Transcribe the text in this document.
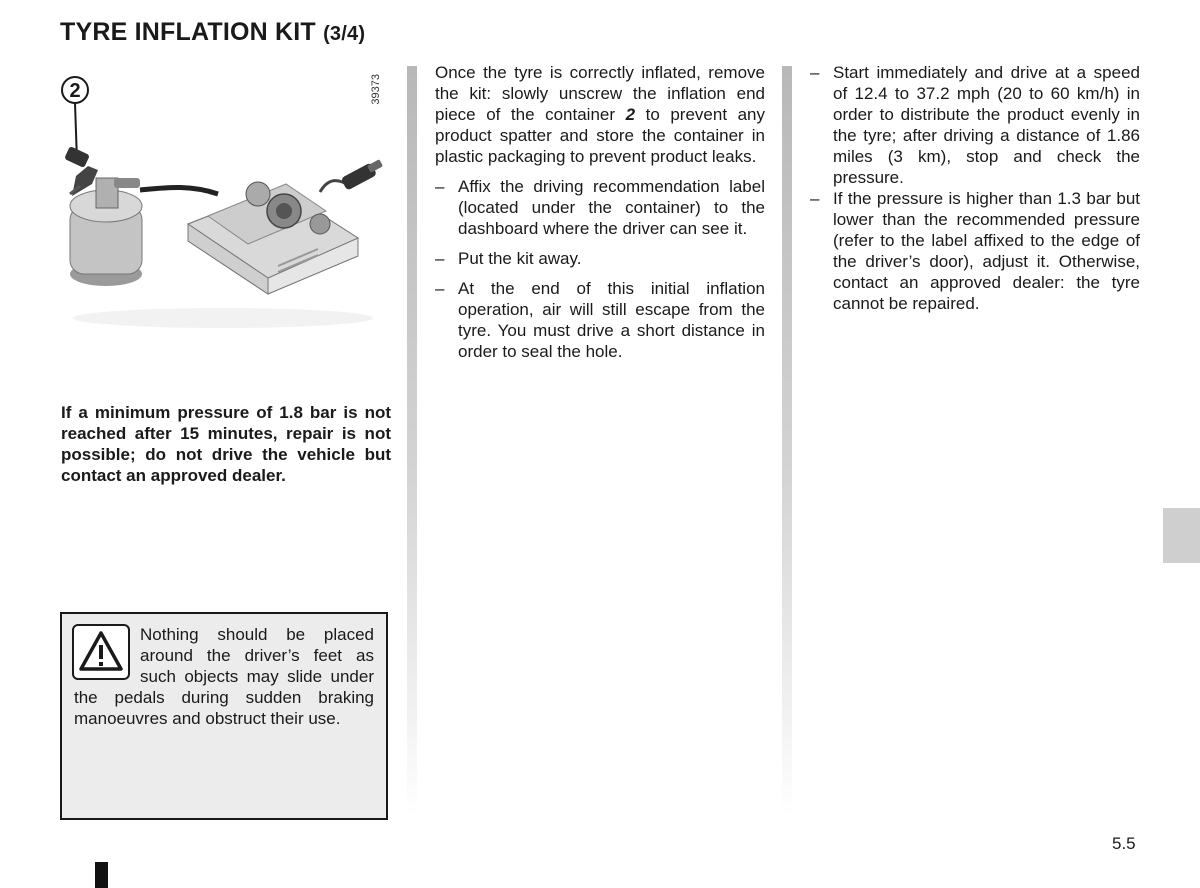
TYRE INFLATION KIT (3/4)
2	39373
If a minimum pressure of 1.8 bar is not reached after 15 minutes, repair is not possible; do not drive the vehicle but contact an approved dealer.
Nothing should be placed around the driver’s feet as such objects may slide under the pedals during sudden braking manoeuvres and obstruct their use.

Once the tyre is correctly inflated, remove the kit: slowly unscrew the inflation end piece of the container 2 to prevent any product spatter and store the container in plastic packaging to prevent product leaks.

– Affix the driving recommendation label (located under the container) to the dashboard where the driver can see it.
– Put the kit away.
– At the end of this initial inflation operation, air will still escape from the tyre. You must drive a short distance in order to seal the hole.
– Start immediately and drive at a speed of 12.4 to 37.2 mph (20 to 60 km/h) in order to distribute the product evenly in the tyre; after driving a distance of 1.86 miles (3 km), stop and check the pressure.
– If the pressure is higher than 1.3 bar but lower than the recommended pressure (refer to the label affixed to the edge of the driver’s door), adjust it. Otherwise, contact an approved dealer: the tyre cannot be repaired.
5.5
